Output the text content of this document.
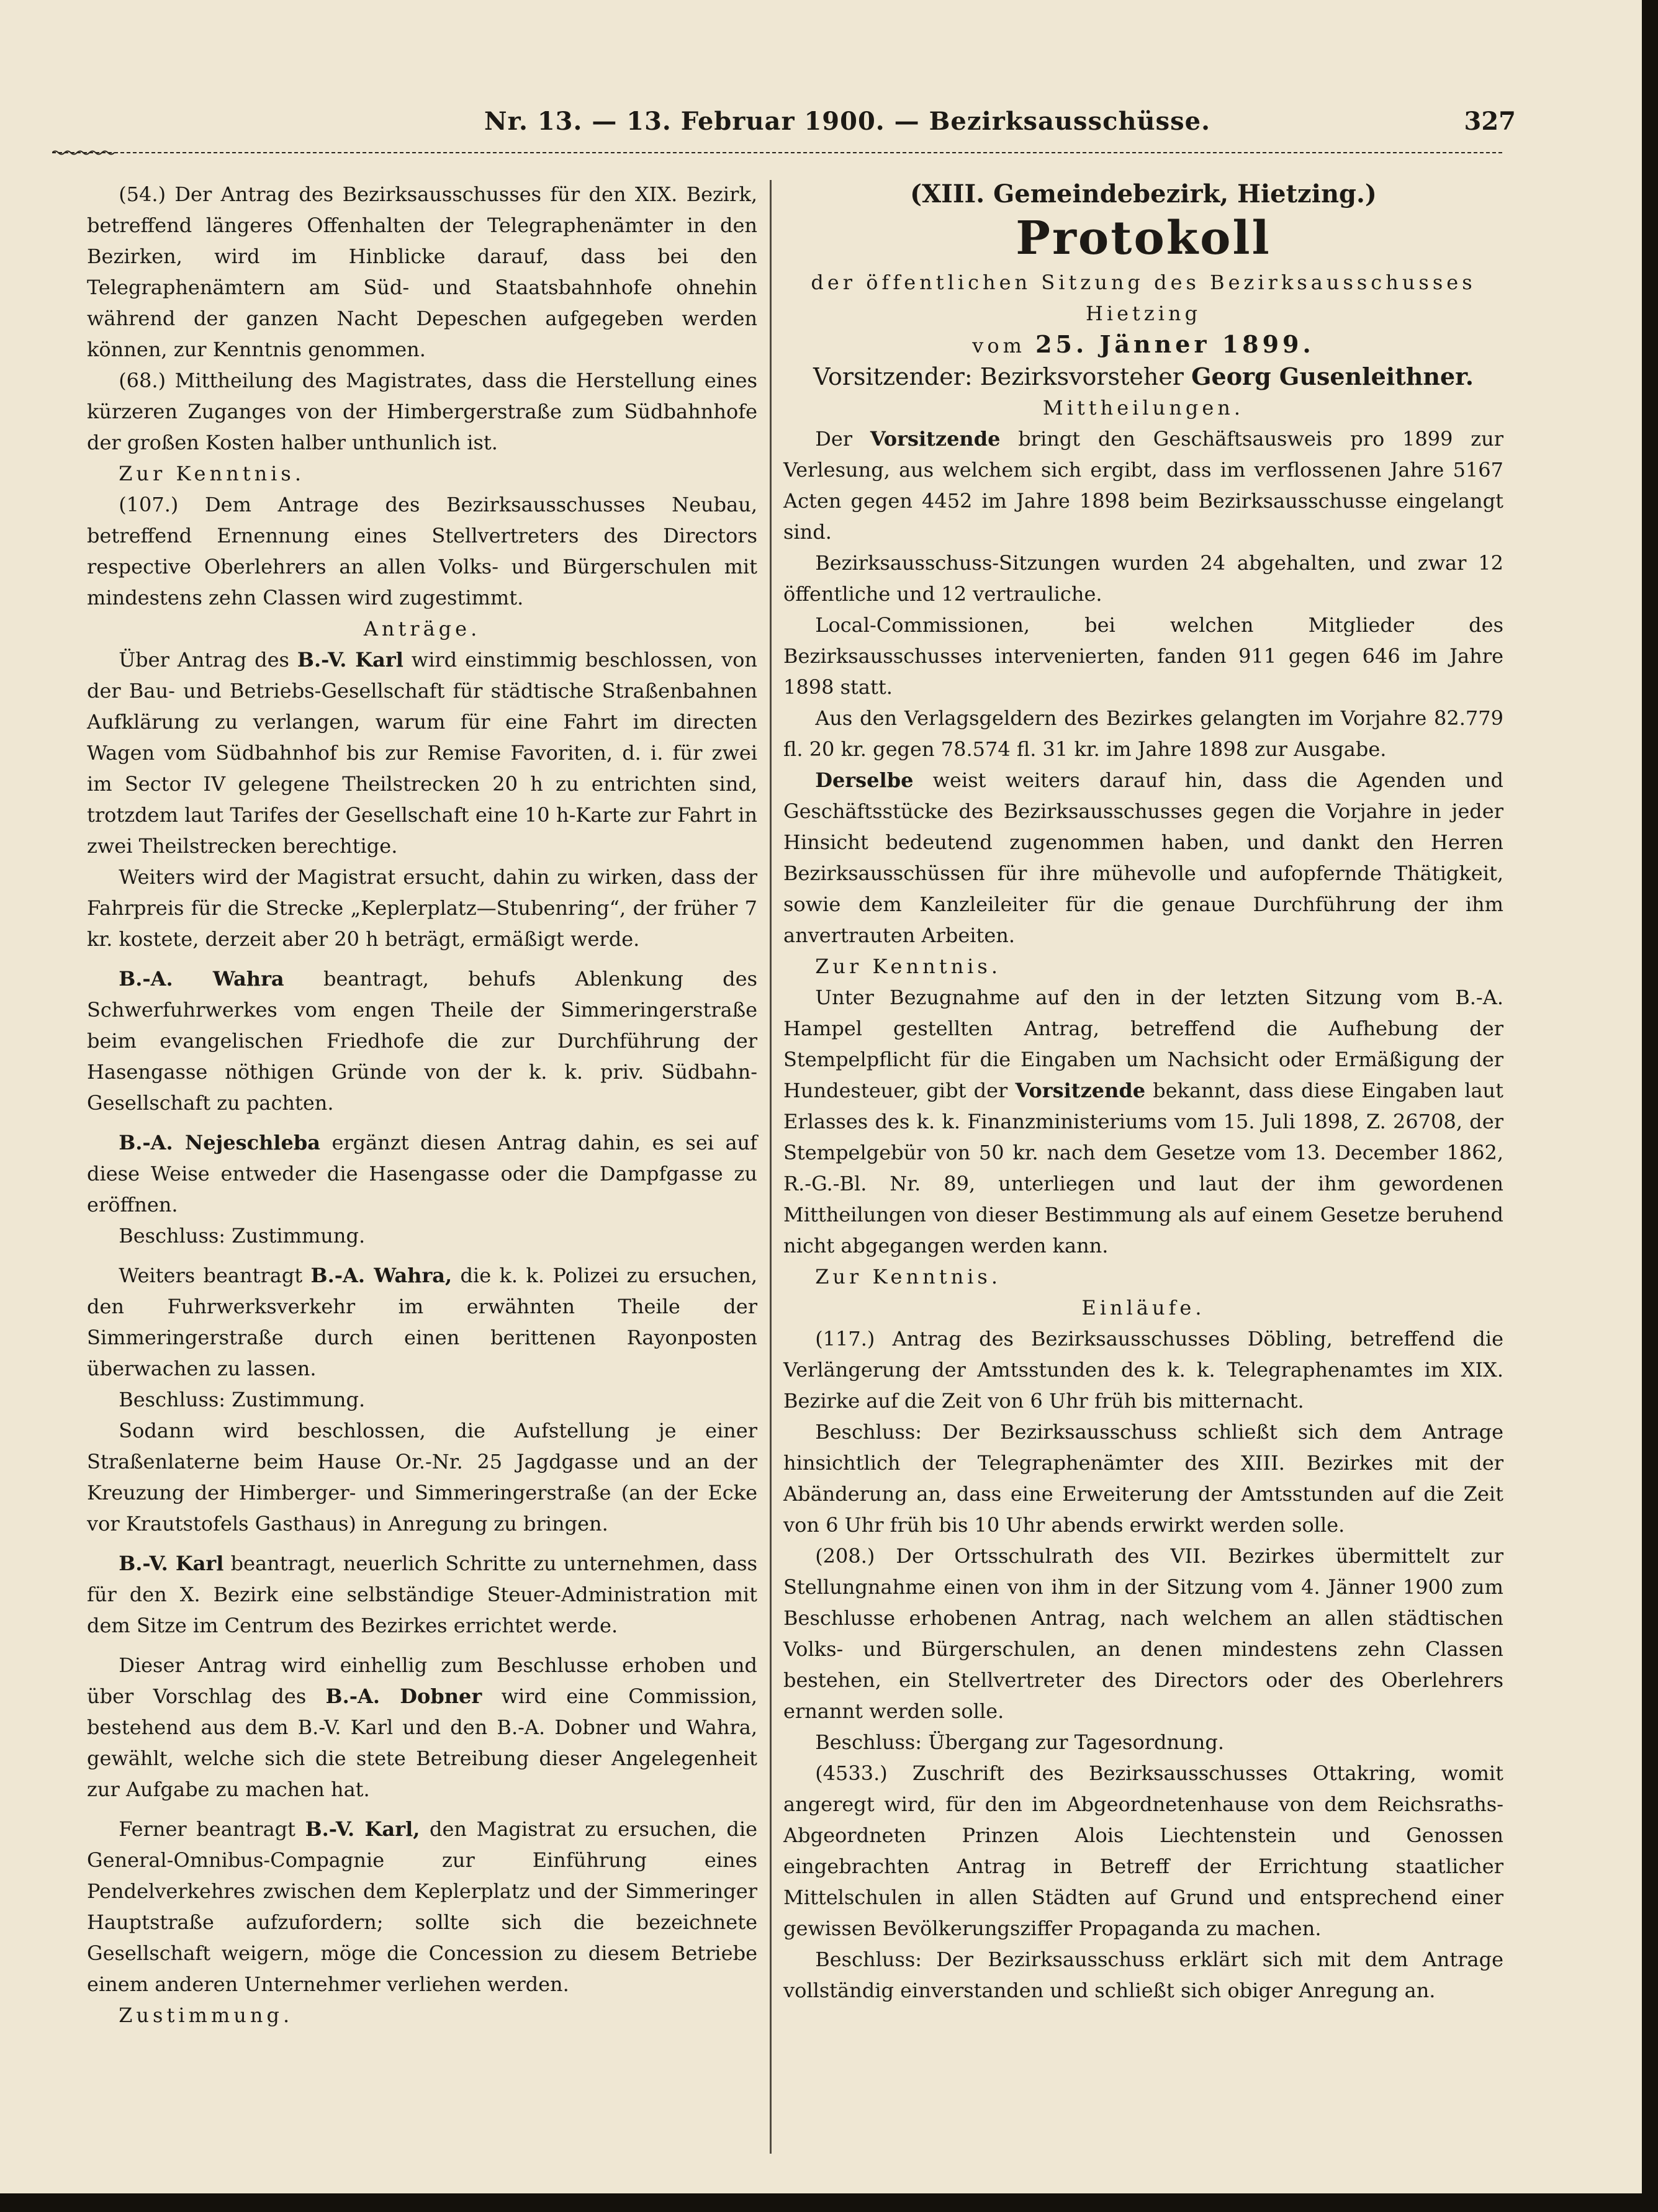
Nr. 13. — 13. Februar 1900. — Bezirksausschüsse.	327

(54.) Der Antrag des Bezirksausschusses für den XIX. Bezirk, betreffend längeres Offenhalten der Telegraphenämter in den Bezirken, wird im Hinblicke darauf, dass bei den Telegraphenämtern am Süd- und Staatsbahnhofe ohnehin während der ganzen Nacht Depeschen aufgegeben werden können, zur Kenntnis genommen.

(68.) Mittheilung des Magistrates, dass die Herstellung eines kürzeren Zuganges von der Himbergerstraße zum Südbahnhofe der großen Kosten halber unthunlich ist.

Zur Kenntnis.

(107.) Dem Antrage des Bezirksausschusses Neubau, betreffend Ernennung eines Stellvertreters des Directors respective Oberlehrers an allen Volks- und Bürgerschulen mit mindestens zehn Classen wird zugestimmt.

Anträge.

Über Antrag des B.-V. Karl wird einstimmig beschlossen, von der Bau- und Betriebs-Gesellschaft für städtische Straßenbahnen Aufklärung zu verlangen, warum für eine Fahrt im directen Wagen vom Südbahnhof bis zur Remise Favoriten, d. i. für zwei im Sector IV gelegene Theilstrecken 20 h zu entrichten sind, trotzdem laut Tarifes der Gesellschaft eine 10 h-Karte zur Fahrt in zwei Theilstrecken berechtige.

Weiters wird der Magistrat ersucht, dahin zu wirken, dass der Fahrpreis für die Strecke „Keplerplatz—Stubenring“, der früher 7 kr. kostete, derzeit aber 20 h beträgt, ermäßigt werde.

B.-A. Wahra beantragt, behufs Ablenkung des Schwerfuhrwerkes vom engen Theile der Simmeringerstraße beim evangelischen Friedhofe die zur Durchführung der Hasengasse nöthigen Gründe von der k. k. priv. Südbahn-Gesellschaft zu pachten.

B.-A. Nejeschleba ergänzt diesen Antrag dahin, es sei auf diese Weise entweder die Hasengasse oder die Dampfgasse zu eröffnen.

Beschluss: Zustimmung.

Weiters beantragt B.-A. Wahra, die k. k. Polizei zu ersuchen, den Fuhrwerksverkehr im erwähnten Theile der Simmeringerstraße durch einen berittenen Rayonposten überwachen zu lassen.

Beschluss: Zustimmung.

Sodann wird beschlossen, die Aufstellung je einer Straßenlaterne beim Hause Or.-Nr. 25 Jagdgasse und an der Kreuzung der Himberger- und Simmeringerstraße (an der Ecke vor Krautstofels Gasthaus) in Anregung zu bringen.

B.-V. Karl beantragt, neuerlich Schritte zu unternehmen, dass für den X. Bezirk eine selbständige Steuer-Administration mit dem Sitze im Centrum des Bezirkes errichtet werde.

Dieser Antrag wird einhellig zum Beschlusse erhoben und über Vorschlag des B.-A. Dobner wird eine Commission, bestehend aus dem B.-V. Karl und den B.-A. Dobner und Wahra, gewählt, welche sich die stete Betreibung dieser Angelegenheit zur Aufgabe zu machen hat.

Ferner beantragt B.-V. Karl, den Magistrat zu ersuchen, die General-Omnibus-Compagnie zur Einführung eines Pendelverkehres zwischen dem Keplerplatz und der Simmeringer Hauptstraße aufzufordern; sollte sich die bezeichnete Gesellschaft weigern, möge die Concession zu diesem Betriebe einem anderen Unternehmer verliehen werden.

Zustimmung.

(XIII. Gemeindebezirk, Hietzing.)

Protokoll

der öffentlichen Sitzung des Bezirksausschusses Hietzing

vom 25. Jänner 1899.

Vorsitzender: Bezirksvorsteher Georg Gusenleithner.

Mittheilungen.

Der Vorsitzende bringt den Geschäftsausweis pro 1899 zur Verlesung, aus welchem sich ergibt, dass im verflossenen Jahre 5167 Acten gegen 4452 im Jahre 1898 beim Bezirksausschusse eingelangt sind.

Bezirksausschuss-Sitzungen wurden 24 abgehalten, und zwar 12 öffentliche und 12 vertrauliche.

Local-Commissionen, bei welchen Mitglieder des Bezirksausschusses intervenierten, fanden 911 gegen 646 im Jahre 1898 statt.

Aus den Verlagsgeldern des Bezirkes gelangten im Vorjahre 82.779 fl. 20 kr. gegen 78.574 fl. 31 kr. im Jahre 1898 zur Ausgabe.

Derselbe weist weiters darauf hin, dass die Agenden und Geschäftsstücke des Bezirksausschusses gegen die Vorjahre in jeder Hinsicht bedeutend zugenommen haben, und dankt den Herren Bezirksausschüssen für ihre mühevolle und aufopfernde Thätigkeit, sowie dem Kanzleileiter für die genaue Durchführung der ihm anvertrauten Arbeiten.

Zur Kenntnis.

Unter Bezugnahme auf den in der letzten Sitzung vom B.-A. Hampel gestellten Antrag, betreffend die Aufhebung der Stempelpflicht für die Eingaben um Nachsicht oder Ermäßigung der Hundesteuer, gibt der Vorsitzende bekannt, dass diese Eingaben laut Erlasses des k. k. Finanzministeriums vom 15. Juli 1898, Z. 26708, der Stempelgebür von 50 kr. nach dem Gesetze vom 13. December 1862, R.-G.-Bl. Nr. 89, unterliegen und laut der ihm gewordenen Mittheilungen von dieser Bestimmung als auf einem Gesetze beruhend nicht abgegangen werden kann.

Zur Kenntnis.

Einläufe.

(117.) Antrag des Bezirksausschusses Döbling, betreffend die Verlängerung der Amtsstunden des k. k. Telegraphenamtes im XIX. Bezirke auf die Zeit von 6 Uhr früh bis mitternacht.

Beschluss: Der Bezirksausschuss schließt sich dem Antrage hinsichtlich der Telegraphenämter des XIII. Bezirkes mit der Abänderung an, dass eine Erweiterung der Amtsstunden auf die Zeit von 6 Uhr früh bis 10 Uhr abends erwirkt werden solle.

(208.) Der Ortsschulrath des VII. Bezirkes übermittelt zur Stellungnahme einen von ihm in der Sitzung vom 4. Jänner 1900 zum Beschlusse erhobenen Antrag, nach welchem an allen städtischen Volks- und Bürgerschulen, an denen mindestens zehn Classen bestehen, ein Stellvertreter des Directors oder des Oberlehrers ernannt werden solle.

Beschluss: Übergang zur Tagesordnung.

(4533.) Zuschrift des Bezirksausschusses Ottakring, womit angeregt wird, für den im Abgeordnetenhause von dem Reichsraths-Abgeordneten Prinzen Alois Liechtenstein und Genossen eingebrachten Antrag in Betreff der Errichtung staatlicher Mittelschulen in allen Städten auf Grund und entsprechend einer gewissen Bevölkerungsziffer Propaganda zu machen.

Beschluss: Der Bezirksausschuss erklärt sich mit dem Antrage vollständig einverstanden und schließt sich obiger Anregung an.
